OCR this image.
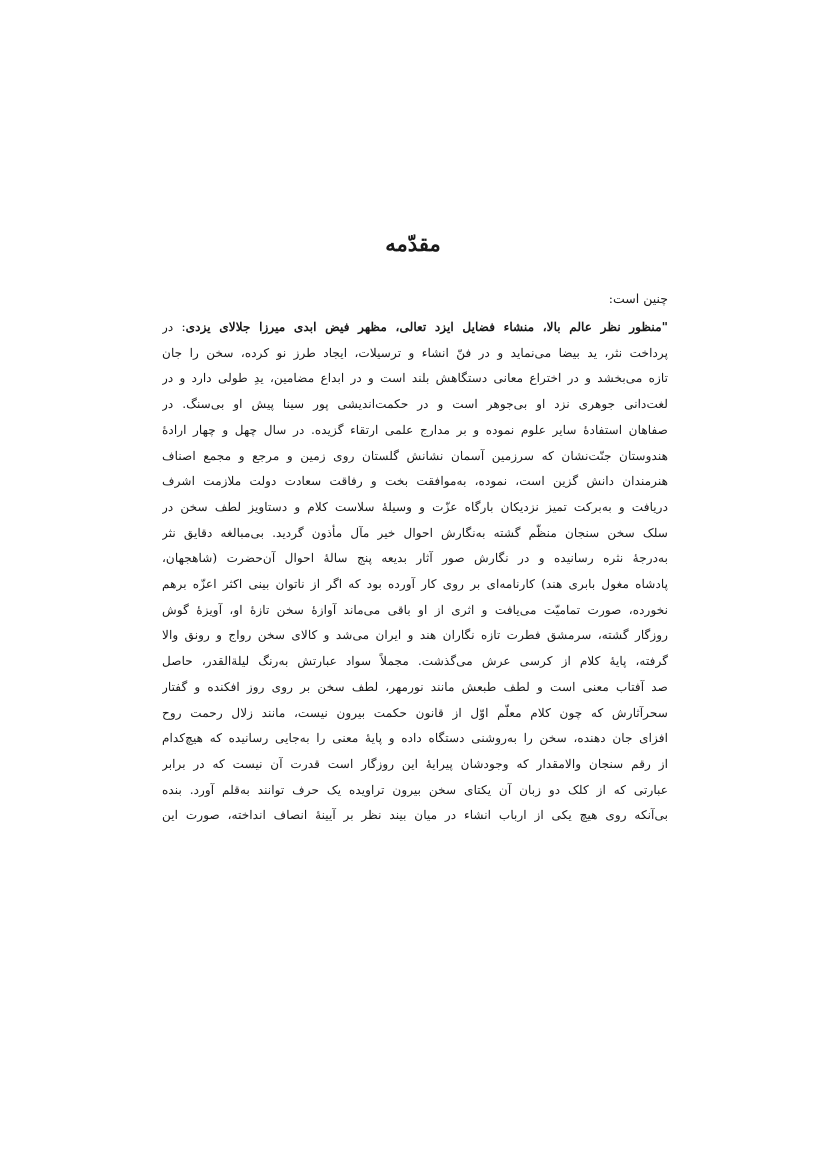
مقدّمه

چنین است:

"منظور نظر عالم بالا، منشاء فضایل ایزد تعالی، مظهر فیض ابدی میرزا جلالای یزدی: در
پرداخت نثر، ید بیضا می‌نماید و در فنّ انشاء و ترسیلات، ایجاد طرز نو کرده، سخن را جان
تازه می‌بخشد و در اختراع معانی دستگاهش بلند است و در ابداع مضامین، یدِ طولی دارد و در
لغت‌دانی جوهری نزد او بی‌جوهر است و در حکمت‌اندیشی پور سینا پیش او بی‌سنگ. در
صفاهان استفادهٔ سایر علوم نموده و بر مدارج علمی ارتقاء گزیده. در سال چهل و چهار ارادهٔ
هندوستان جنّت‌نشان که سرزمین آسمان نشانش گلستان روی زمین و مرجع و مجمع اصناف
هنرمندان دانش گزین است، نموده، به‌موافقت بخت و رفاقت سعادت دولت ملازمت اشرف
دریافت و به‌برکت تمیز نزدیکان بارگاه عزّت و وسیلهٔ سلاست کلام و دستاویز لطف سخن در
سلک سخن سنجان منظّم گشته به‌نگارش احوال خیر مآل مأذون گردید. بی‌مبالغه دقایق نثر
به‌درجهٔ نثره رسانیده و در نگارش صور آثار بدیعه پنج سالهٔ احوال آن‌حضرت (شاهجهان،
پادشاه مغول بابری هند) کارنامه‌ای بر روی کار آورده بود که اگر از ناتوان بینی اکثر اعزّه برهم
نخورده، صورت تمامیّت می‌یافت و اثری از او باقی می‌ماند آوازهٔ سخن تازهٔ او، آویزهٔ گوش
روزگار گشته، سرمشق فطرت تازه نگاران هند و ایران می‌شد و کالای سخن رواج و رونق والا
گرفته، پایهٔ کلام از کرسی عرش می‌گذشت. مجملاً سواد عبارتش به‌رنگ لیلة‌القدر، حاصل
صد آفتاب معنی است و لطف طبعش مانند نورمهر، لطف سخن بر روی روز افکنده و گفتار
سحرآثارش که چون کلام معلّم اوّل از قانون حکمت بیرون نیست، مانند زلال رحمت روح
افزای جان دهنده، سخن را به‌روشنی دستگاه داده و پایهٔ معنی را به‌جایی رسانیده که هیچ‌کدام
از رقم سنجان والامقدار که وجودشان پیرایهٔ این روزگار است قدرت آن نیست که در برابر
عبارتی که از کلک دو زبان آن یکتای سخن بیرون تراویده یک حرف توانند به‌قلم آورد. بنده
بی‌آنکه روی هیچ یکی از ارباب انشاء در میان بیند نظر بر آیینهٔ انصاف انداخته، صورت این
